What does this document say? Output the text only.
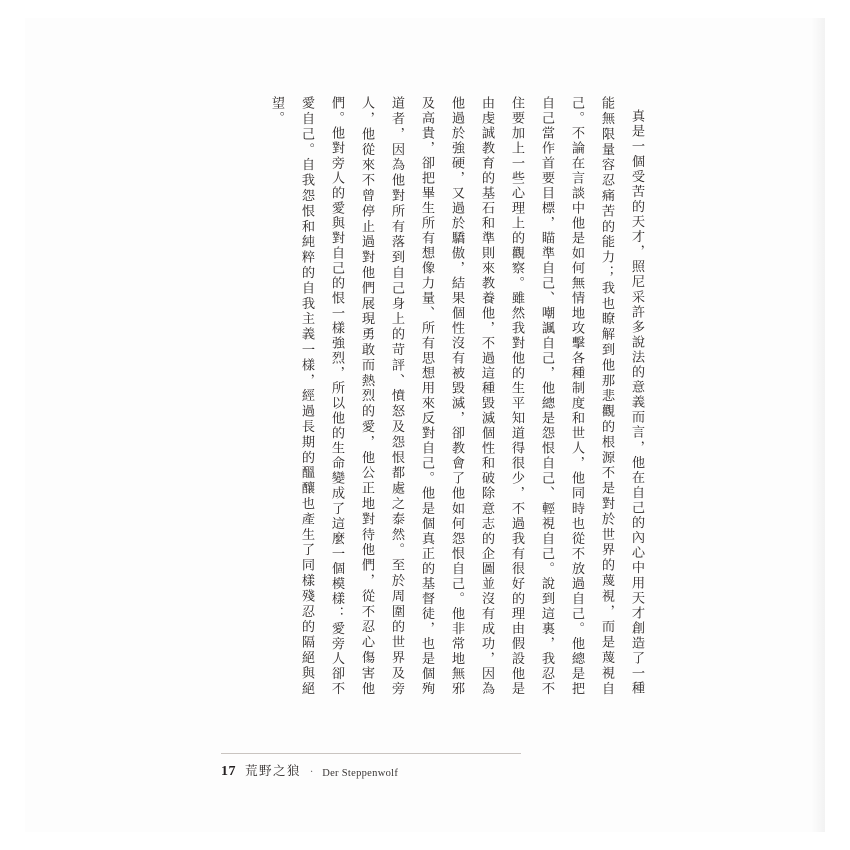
真是一個受苦的天才，照尼采許多說法的意義而言，他在自己的內心中用天才創造了一種能無限量容忍痛苦的能力；我也瞭解到他那悲觀的根源不是對於世界的蔑視，而是蔑視自己。不論在言談中他是如何無情地攻擊各種制度和世人，他同時也從不放過自己。他總是把自己當作首要目標，瞄準自己、嘲諷自己，他總是怨恨自己、輕視自己。說到這裏，我忍不住要加上一些心理上的觀察。雖然我對他的生平知道得很少，不過我有很好的理由假設他是由虔誠教育的基石和準則來教養他，不過這種毀滅個性和破除意志的企圖並沒有成功，因為他過於強硬，又過於驕傲，結果個性沒有被毀滅，卻教會了他如何怨恨自己。他非常地無邪及高貴，卻把畢生所有想像力量、所有思想用來反對自己。他是個真正的基督徒，也是個殉道者，因為他對所有落到自己身上的苛評、憤怒及怨恨都處之泰然。至於周圍的世界及旁人，他從來不曾停止過對他們展現勇敢而熱烈的愛，他公正地對待他們，從不忍心傷害他們。他對旁人的愛與對自己的恨一樣強烈，所以他的生命變成了這麼一個模樣：愛旁人卻不愛自己。自我怨恨和純粹的自我主義一樣，經過長期的醞釀也產生了同樣殘忍的隔絕與絕望。

17 荒野之狼 · Der Steppenwolf
